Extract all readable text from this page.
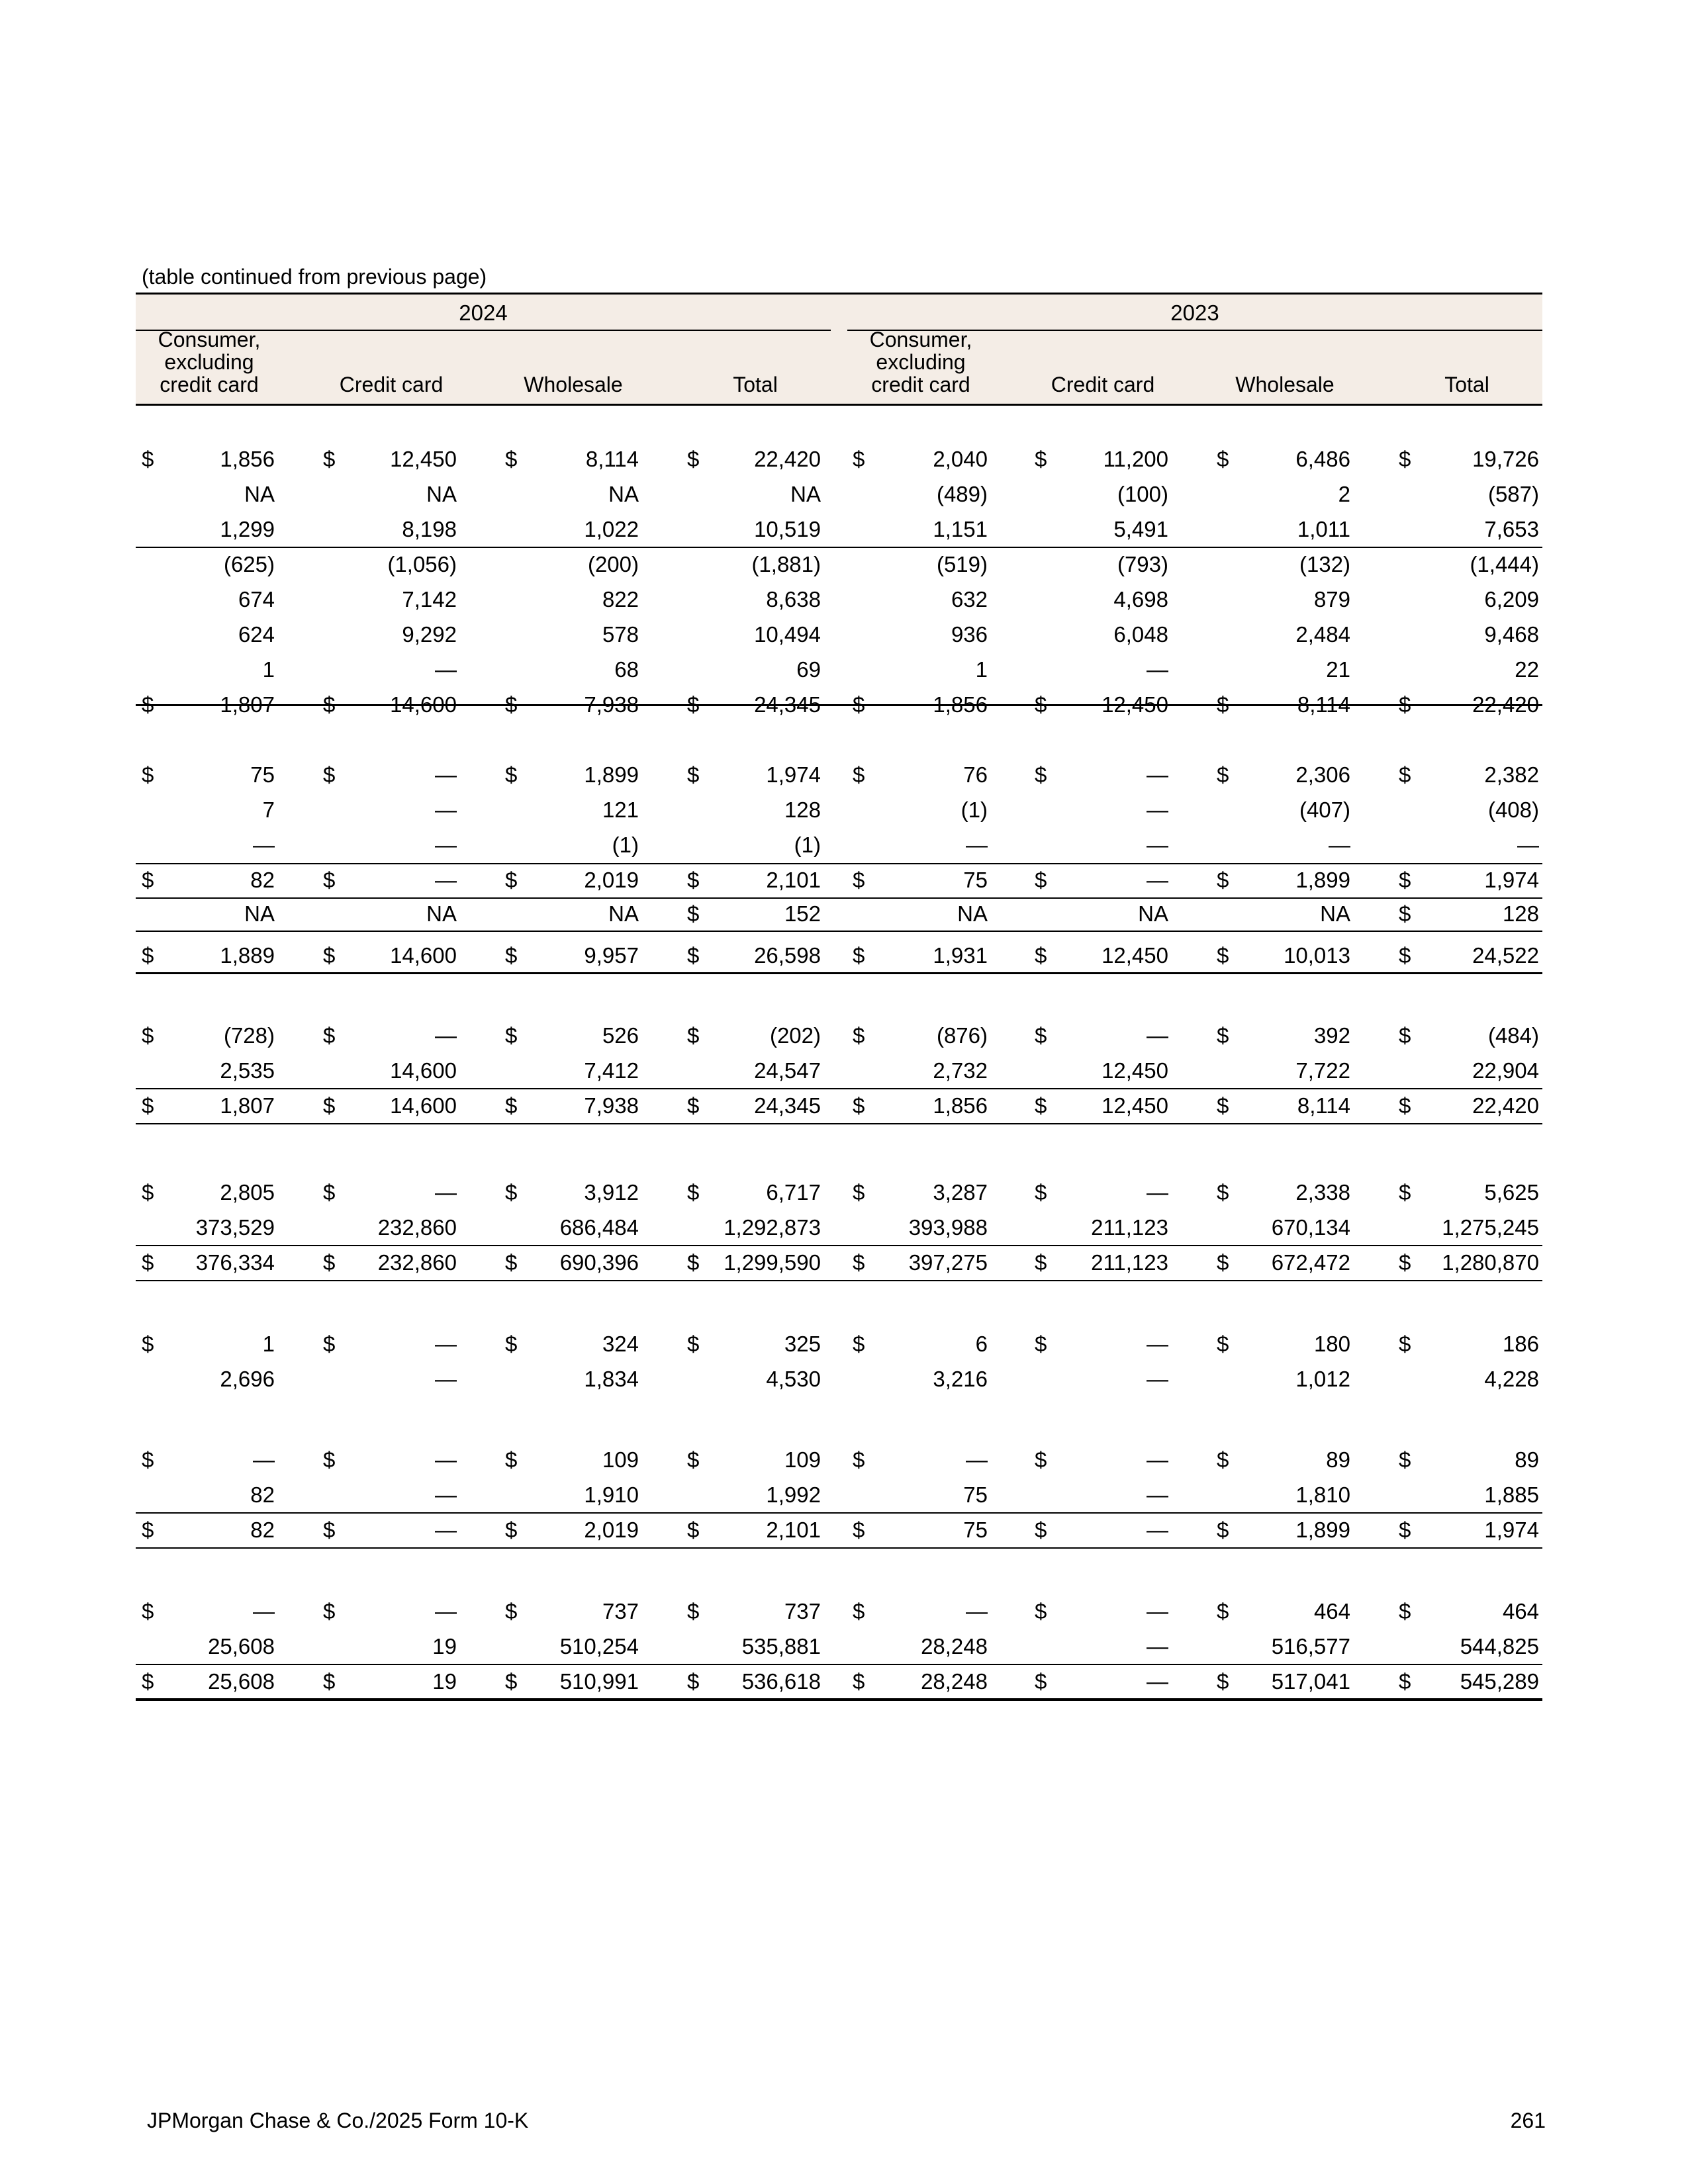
(table continued from previous page)
2024	2023
Consumer,
excluding
credit card	Credit card	Wholesale	Total
Consumer,
excluding
credit card	Credit card	Wholesale	Total
$	1,856 $	12,450 $	8,114 $	22,420 $	2,040 $	11,200 $	6,486 $	19,726
NA	NA	NA	NA	(489)	(100)	2	(587)
1,299	8,198	1,022	10,519	1,151	5,491	1,011	7,653
(625)	(1,056)	(200)	(1,881)	(519)	(793)	(132)	(1,444)
674	7,142	822	8,638	632	4,698	879	6,209
624	9,292	578	10,494	936	6,048	2,484	9,468
1	—	68	69	1	—	21	22
$	1,807 $	14,600 $	7,938 $	24,345 $	1,856 $	12,450 $	8,114 $	22,420
$	75 $	— $	1,899 $	1,974 $	76 $	— $	2,306 $	2,382
7	—	121	128	(1)	—	(407)	(408)
—	—	(1)	(1)	—	—	—	—
$	82 $	— $	2,019 $	2,101 $	75 $	— $	1,899 $	1,974
NA	NA	NA $	152	NA	NA	NA $	128
$	1,889 $	14,600 $	9,957 $	26,598 $	1,931 $	12,450 $	10,013 $	24,522
$	(728) $	— $	526 $	(202) $	(876) $	— $	392 $	(484)
2,535	14,600	7,412	24,547	2,732	12,450	7,722	22,904
$	1,807 $	14,600 $	7,938 $	24,345 $	1,856 $	12,450 $	8,114 $	22,420
$	2,805 $	— $	3,912 $	6,717 $	3,287 $	— $	2,338 $	5,625
373,529	232,860	686,484	1,292,873	393,988	211,123	670,134	1,275,245
$	376,334 $	232,860 $	690,396 $	1,299,590 $	397,275 $	211,123 $	672,472 $	1,280,870
$	1 $	— $	324 $	325 $	6 $	— $	180 $	186
2,696	—	1,834	4,530	3,216	—	1,012	4,228
$	— $	— $	109 $	109 $	— $	— $	89 $	89
82	—	1,910	1,992	75	—	1,810	1,885
$	82 $	— $	2,019 $	2,101 $	75 $	— $	1,899 $	1,974
$	— $	— $	737 $	737 $	— $	— $	464 $	464
25,608	19	510,254	535,881	28,248	—	516,577	544,825
$	25,608 $	19 $	510,991 $	536,618 $	28,248 $	— $	517,041 $	545,289
JPMorgan Chase & Co./2025 Form 10-K	261
